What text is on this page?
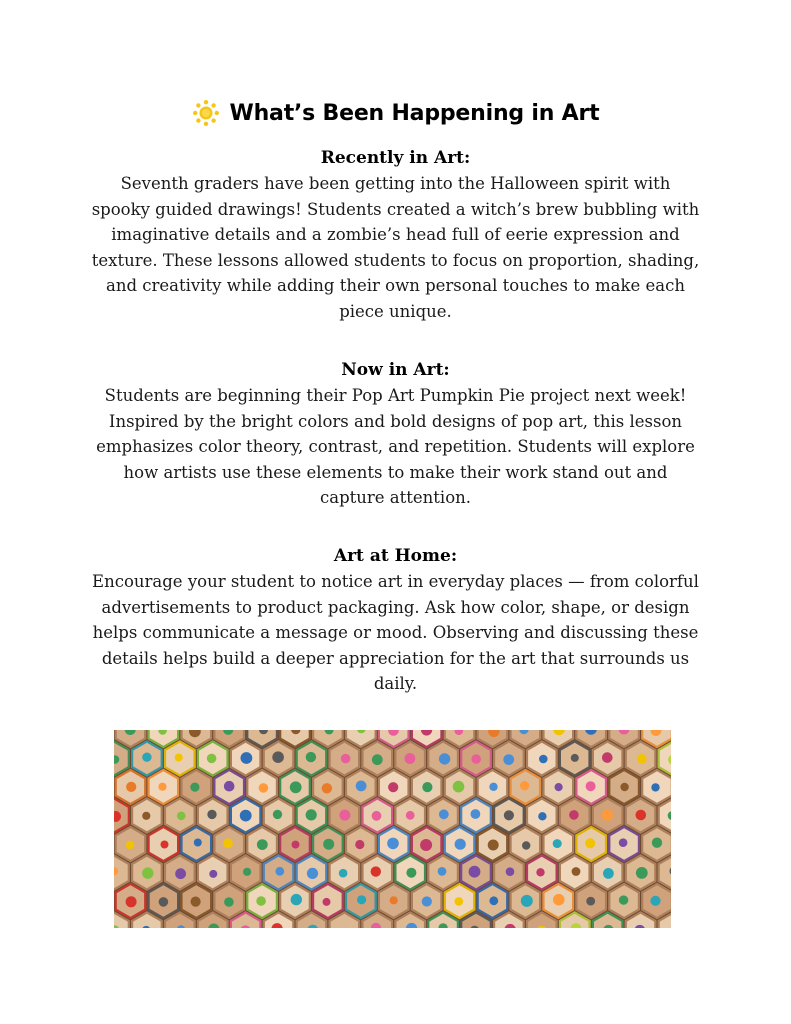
What’s Been Happening in Art
Recently in Art:

Seventh graders have been getting into the Halloween spirit with spooky guided drawings! Students created a witch’s brew bubbling with imaginative details and a zombie’s head full of eerie expression and texture. These lessons allowed students to focus on proportion, shading, and creativity while adding their own personal touches to make each piece unique.

Now in Art:

Students are beginning their Pop Art Pumpkin Pie project next week! Inspired by the bright colors and bold designs of pop art, this lesson emphasizes color theory, contrast, and repetition. Students will explore how artists use these elements to make their work stand out and capture attention.

Art at Home:

Encourage your student to notice art in everyday places — from colorful advertisements to product packaging. Ask how color, shape, or design helps communicate a message or mood. Observing and discussing these details helps build a deeper appreciation for the art that surrounds us daily.
